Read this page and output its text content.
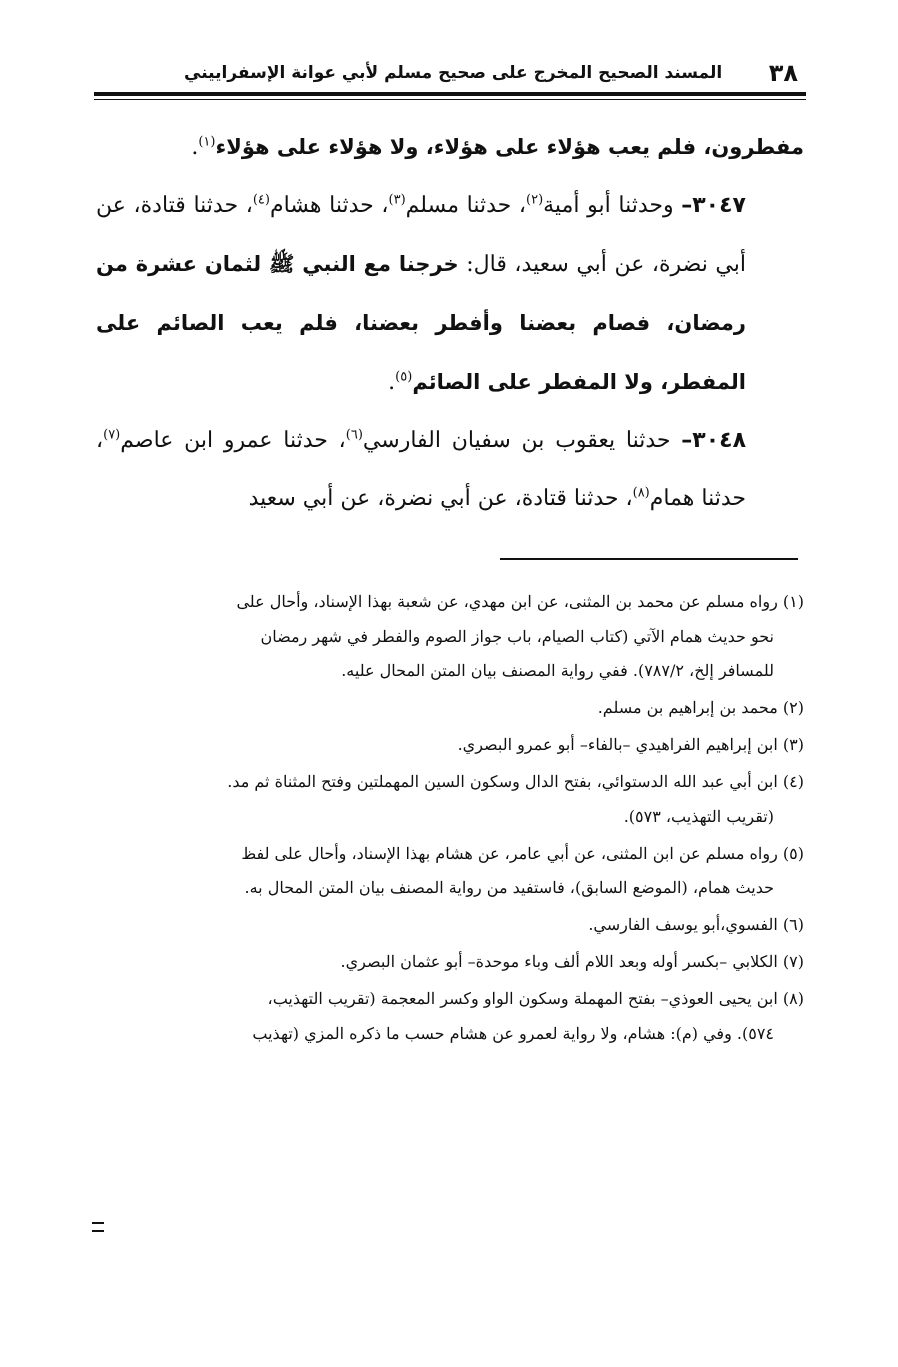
٣٨
المسند الصحيح المخرج على صحيح مسلم لأبي عوانة الإسفراييني

مفطرون، فلم يعب هؤلاء على هؤلاء، ولا هؤلاء على هؤلاء$^{(١)}$.

٣٠٤٧– وحدثنا أبو أمية$^{(٢)}$، حدثنا مسلم$^{(٣)}$، حدثنا هشام$^{(٤)}$، حدثنا قتادة، عن أبي نضرة، عن أبي سعيد، قال: خرجنا مع النبي ﷺ لثمان عشرة من رمضان، فصام بعضنا وأفطر بعضنا، فلم يعب الصائم على المفطر، ولا المفطر على الصائم$^{(٥)}$.

٣٠٤٨– حدثنا يعقوب بن سفيان الفارسي$^{(٦)}$، حدثنا عمرو ابن عاصم$^{(٧)}$، حدثنا همام$^{(٨)}$، حدثنا قتادة، عن أبي نضرة، عن أبي سعيد

(١) رواه مسلم عن محمد بن المثنى، عن ابن مهدي، عن شعبة بهذا الإسناد، وأحال على
نحو حديث همام الآتي (كتاب الصيام، باب جواز الصوم والفطر في شهر رمضان
للمسافر إلخ، ٧٨٧/٢). ففي رواية المصنف بيان المتن المحال عليه.
(٢) محمد بن إبراهيم بن مسلم.
(٣) ابن إبراهيم الفراهيدي –بالفاء– أبو عمرو البصري.
(٤) ابن أبي عبد الله الدستوائي، بفتح الدال وسكون السين المهملتين وفتح المثناة ثم مد.
(تقريب التهذيب، ٥٧٣).
(٥) رواه مسلم عن ابن المثنى، عن أبي عامر، عن هشام بهذا الإسناد، وأحال على لفظ
حديث همام، (الموضع السابق)، فاستفيد من رواية المصنف بيان المتن المحال به.
(٦) الفسوي،أبو يوسف الفارسي.
(٧) الكلابي –بكسر أوله وبعد اللام ألف وباء موحدة– أبو عثمان البصري.
(٨) ابن يحيى العوذي– بفتح المهملة وسكون الواو وكسر المعجمة (تقريب التهذيب،
٥٧٤). وفي (م): هشام، ولا رواية لعمرو عن هشام حسب ما ذكره المزي (تهذيب
